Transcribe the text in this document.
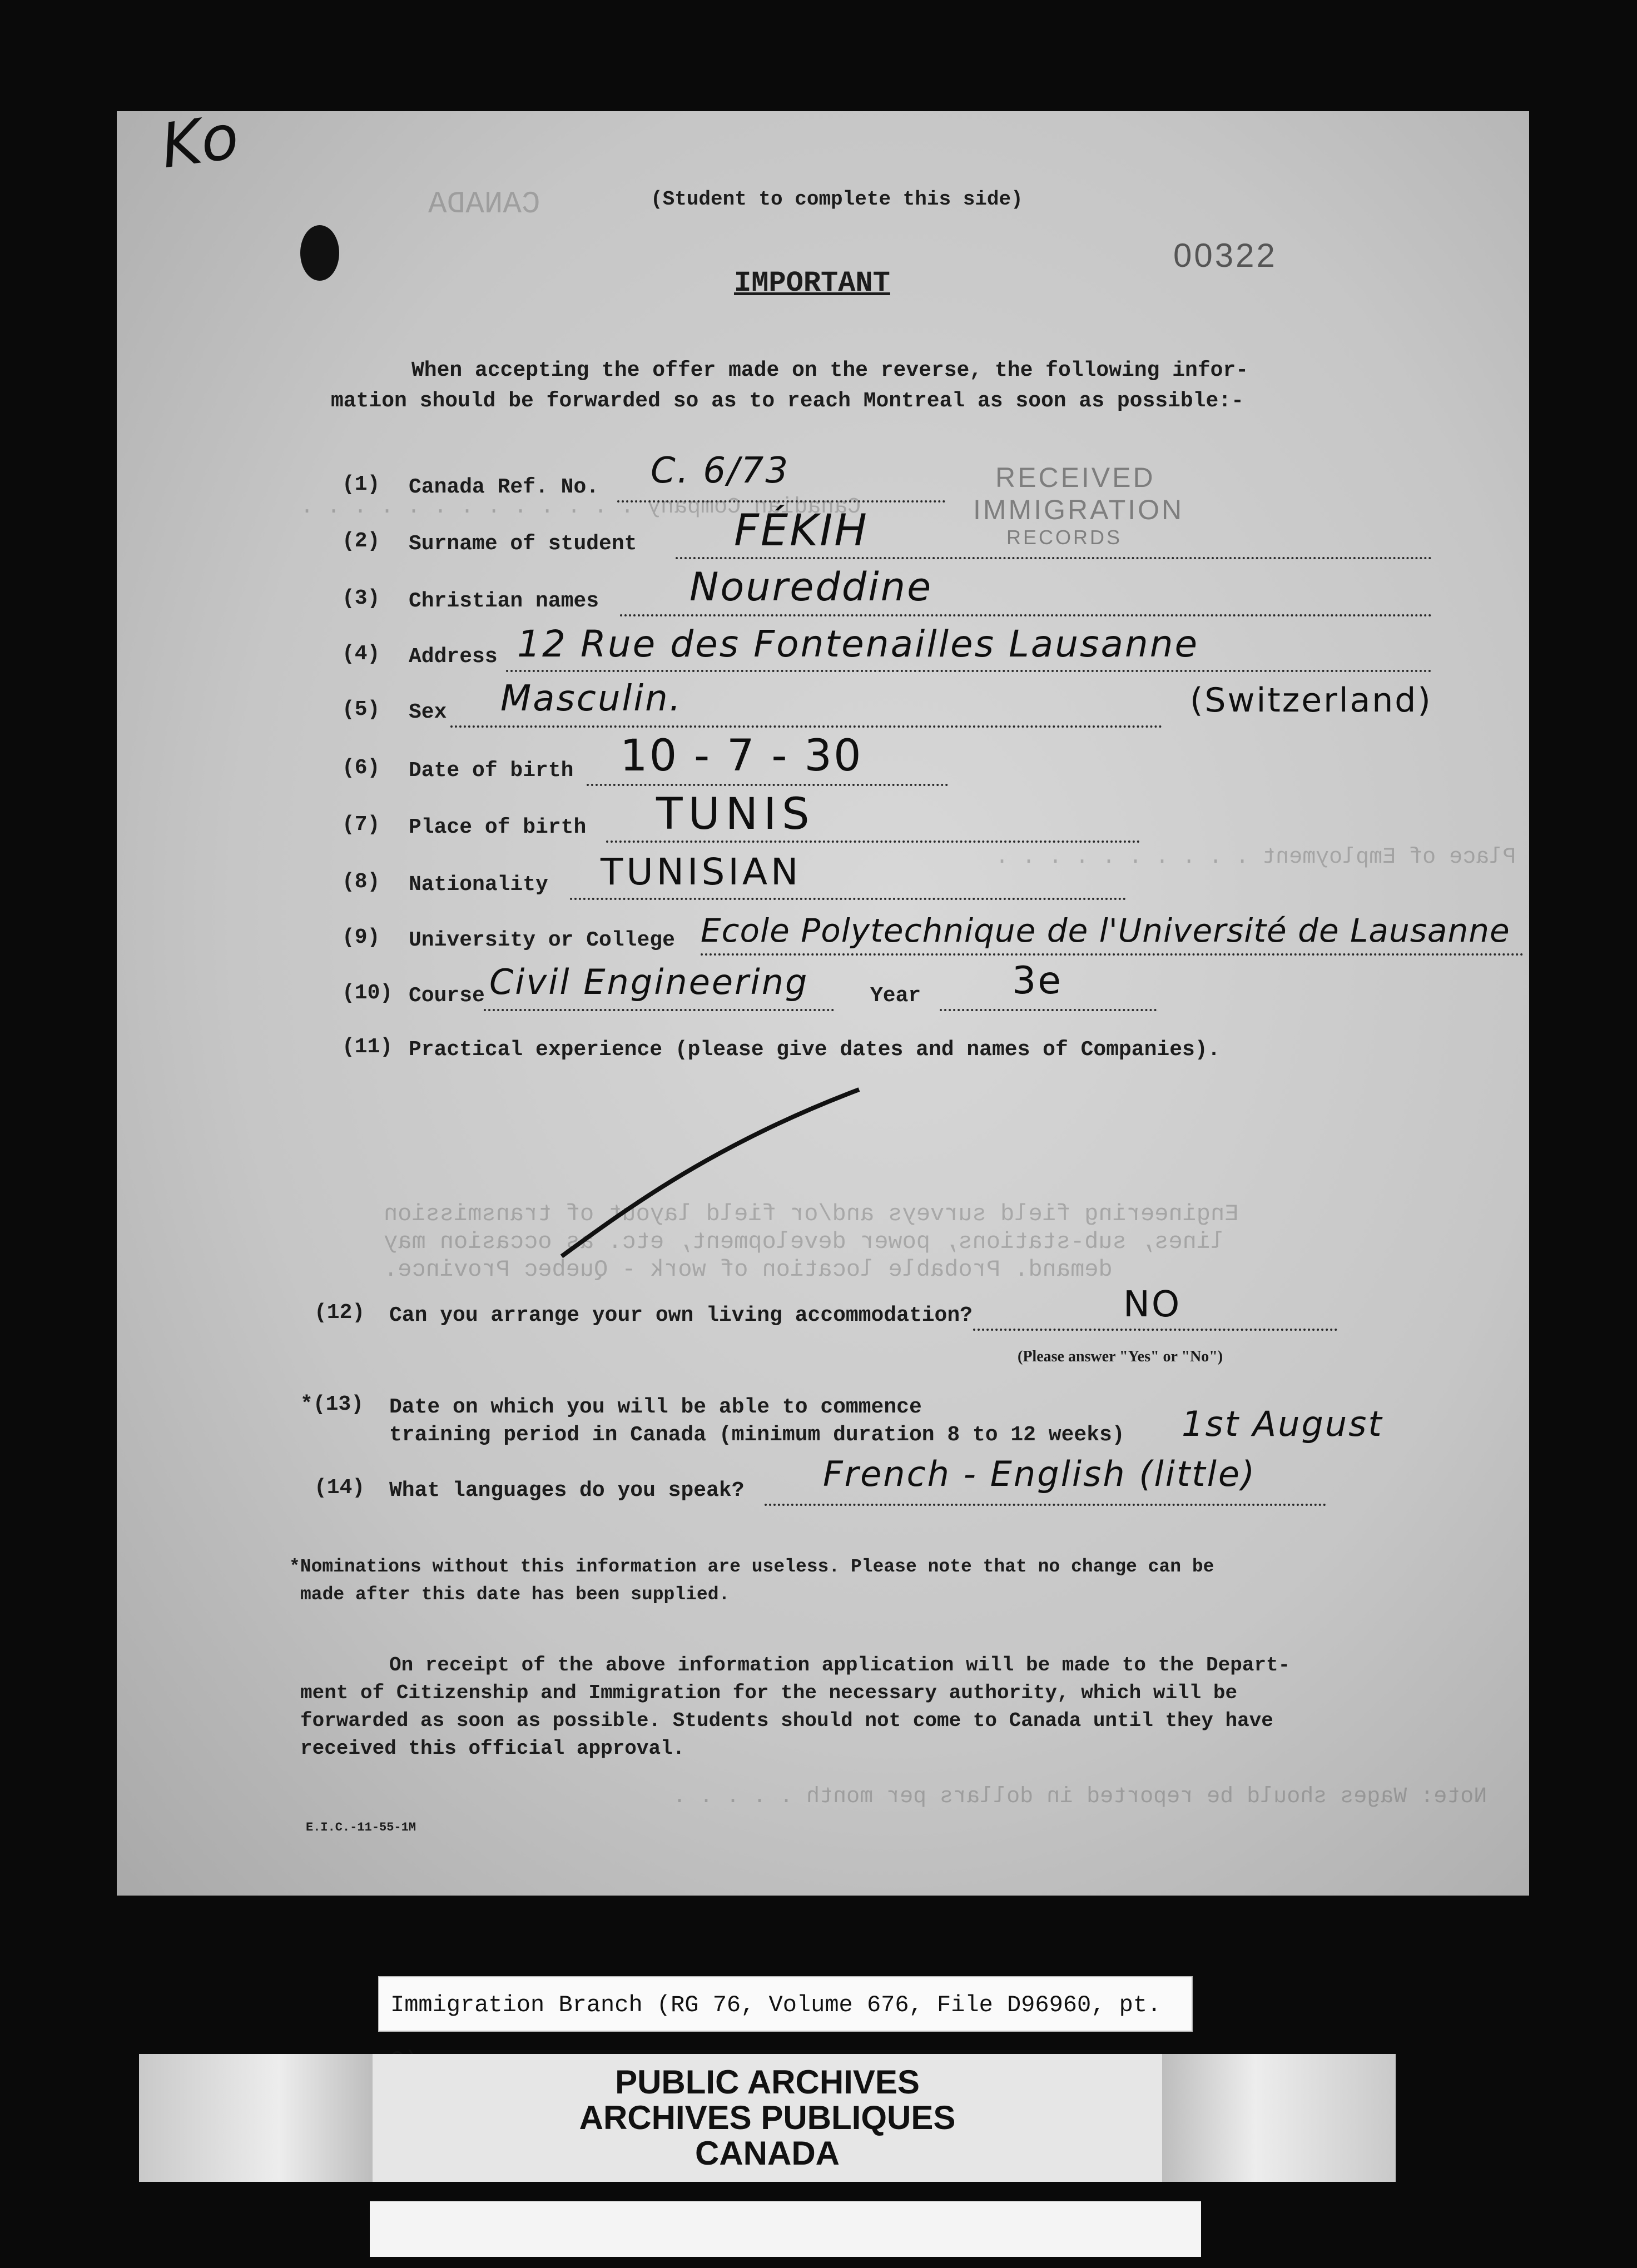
CANADA
Canadian Company . . . . . . . . . . . . .
Place of Employment . . . . . . . . . .
Engineering field surveys and/or field layout of transmission
lines, sub-stations, power development, etc. as occasion may
demand. Probable location of work - Quebec Province.
Note: Wages should be reported in dollars per month . . . . .
Ko
(Student to complete this side)
00322
IMPORTANT
When accepting the offer made on the reverse, the following infor-
mation should be forwarded so as to reach Montreal as soon as possible:-
RECEIVED
IMMIGRATION
RECORDS
(1) Canada Ref. No. C. 6/73
(2) Surname of student FÉKIH
(3) Christian names Noureddine
(4) Address 12 Rue des Fontenailles Lausanne
(Switzerland)
(5) Sex Masculin.
(6) Date of birth 10 - 7 - 30
(7) Place of birth TUNIS
(8) Nationality TUNISIAN
(9) University or College Ecole Polytechnique de l'Université de Lausanne
(10) Course Civil Engineering	Year 3e
(11) Practical experience (please give dates and names of Companies).
(12) Can you arrange your own living accommodation?	NO
(Please answer "Yes" or "No")
*(13) Date on which you will be able to commence
training period in Canada (minimum duration 8 to 12 weeks) 1st August
(14) What languages do you speak? French - English (little)
*Nominations without this information are useless. Please note that no change can be
made after this date has been supplied.
On receipt of the above information application will be made to the Depart-
ment of Citizenship and Immigration for the necessary authority, which will be
forwarded as soon as possible. Students should not come to Canada until they have
received this official approval.
E.I.C.-11-55-1M
Immigration Branch (RG 76, Volume 676, File D96960, pt.
PUBLIC ARCHIVES
ARCHIVES PUBLIQUES
CANADA
